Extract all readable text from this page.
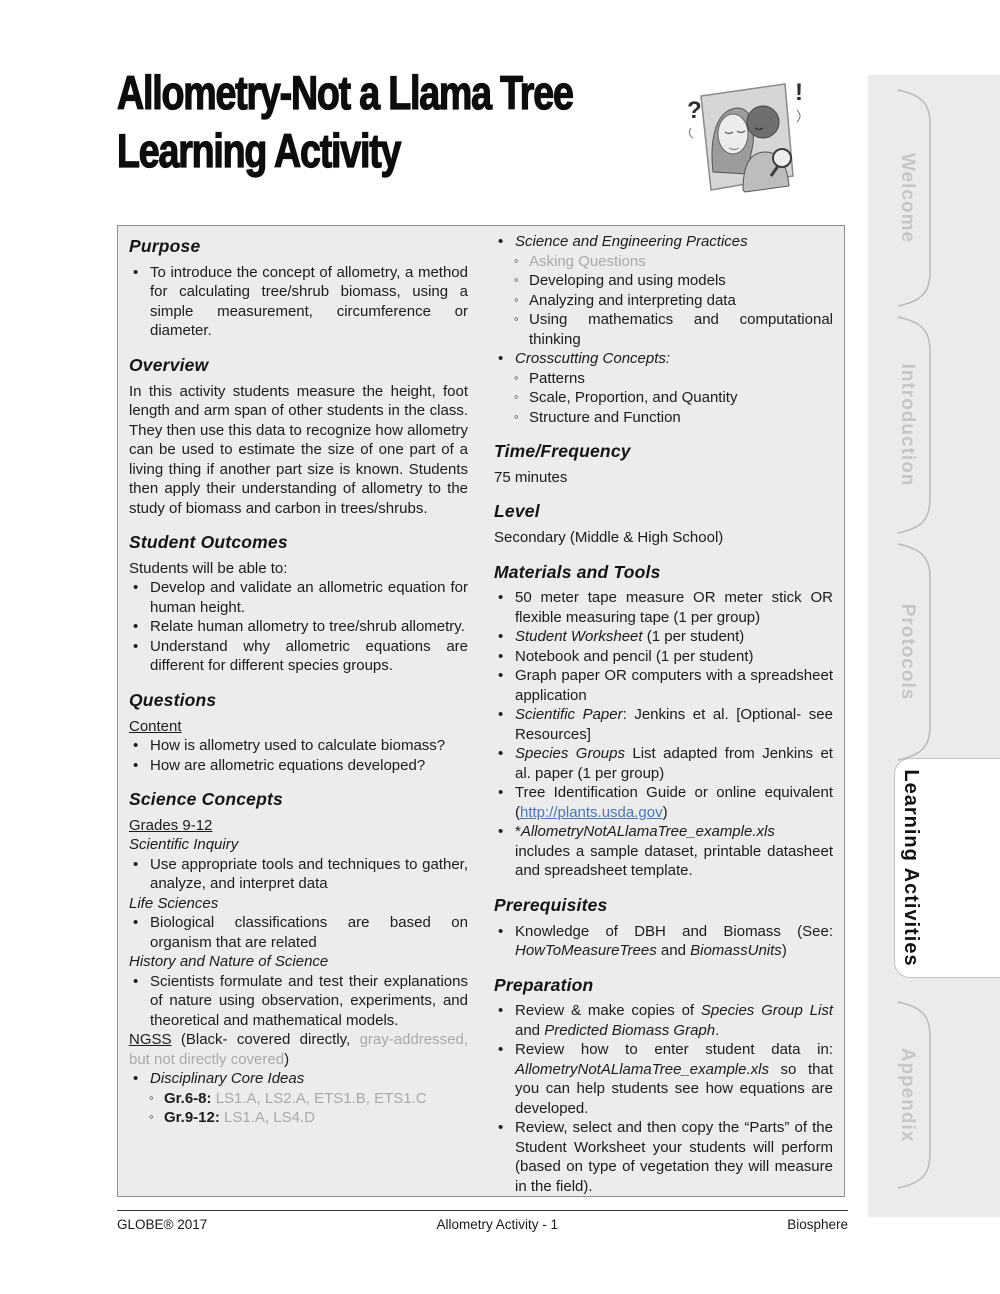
Allometry-Not a Llama Tree
Learning Activity
?
!
Welcome
Introduction
Protocols
Learning Activities
Appendix
Purpose
• To introduce the concept of allometry, a method for calculating tree/shrub biomass, using a simple measurement, circumference or diameter.
Overview
In this activity students measure the height, foot length and arm span of other students in the class. They then use this data to recognize how allometry can be used to estimate the size of one part of a living thing if another part size is known. Students then apply their understanding of allometry to the study of biomass and carbon in trees/shrubs.
Student Outcomes
Students will be able to:
• Develop and validate an allometric equation for human height.
• Relate human allometry to tree/shrub allometry.
• Understand why allometric equations are different for different species groups.
Questions
Content
• How is allometry used to calculate biomass?
• How are allometric equations developed?
Science Concepts
Grades 9-12
Scientific Inquiry
• Use appropriate tools and techniques to gather, analyze, and interpret data
Life Sciences
• Biological classifications are based on organism that are related
History and Nature of Science
• Scientists formulate and test their explanations of nature using observation, experiments, and theoretical and mathematical models.
NGSS (Black- covered directly, gray-addressed, but not directly covered)
• Disciplinary Core Ideas
◦ Gr.6-8: LS1.A, LS2.A, ETS1.B, ETS1.C
◦ Gr.9-12: LS1.A, LS4.D
• Science and Engineering Practices
◦ Asking Questions
◦ Developing and using models
◦ Analyzing and interpreting data
◦ Using mathematics and computational thinking
• Crosscutting Concepts:
◦ Patterns
◦ Scale, Proportion, and Quantity
◦ Structure and Function
Time/Frequency
75 minutes
Level
Secondary (Middle & High School)
Materials and Tools
• 50 meter tape measure OR meter stick OR flexible measuring tape (1 per group)
• Student Worksheet (1 per student)
• Notebook and pencil (1 per student)
• Graph paper OR computers with a spreadsheet application
• Scientific Paper: Jenkins et al. [Optional- see Resources]
• Species Groups List adapted from Jenkins et al. paper (1 per group)
• Tree Identification Guide or online equivalent (http://plants.usda.gov)
• *AllometryNotALlamaTree_example.xls includes a sample dataset, printable datasheet and spreadsheet template.
Prerequisites
• Knowledge of DBH and Biomass (See: HowToMeasureTrees and BiomassUnits)
Preparation
• Review & make copies of Species Group List and Predicted Biomass Graph.
• Review how to enter student data in: AllometryNotALlamaTree_example.xls so that you can help students see how equations are developed.
• Review, select and then copy the “Parts” of the Student Worksheet your students will perform (based on type of vegetation they will measure in the field).
GLOBE® 2017	Allometry Activity - 1	Biosphere
